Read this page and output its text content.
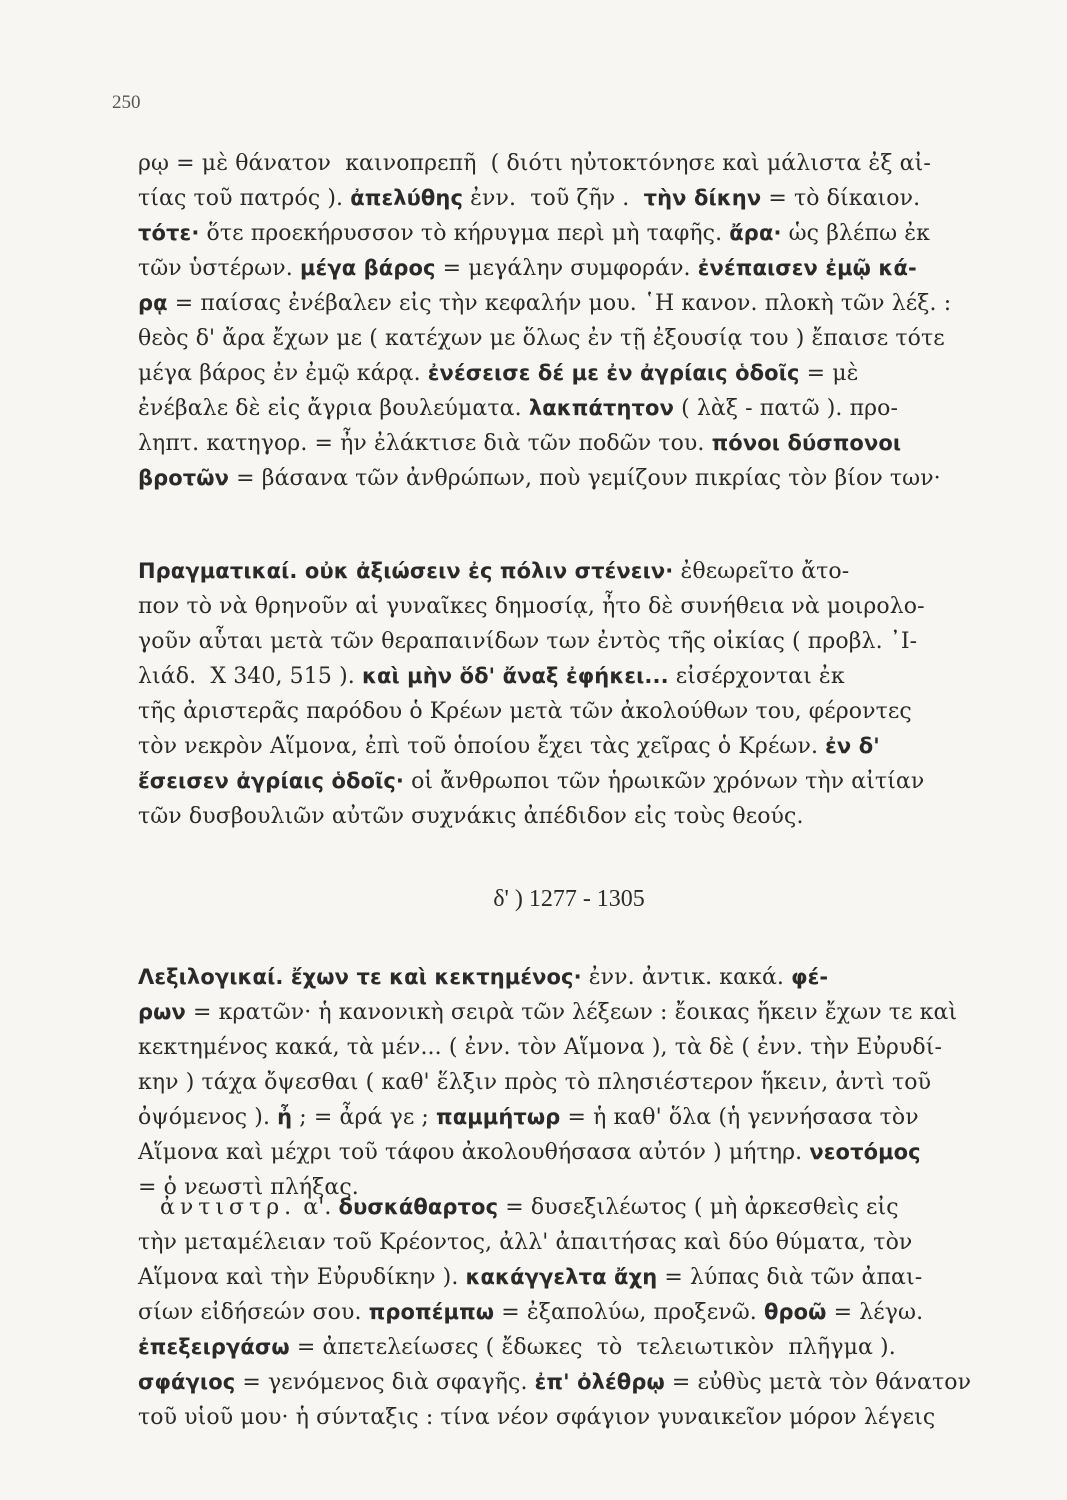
250
ρῳ = μὲ θάνατον  καινοπρεπῆ  ( διότι ηὐτοκτόνησε καὶ μάλιστα ἐξ αἰ-
τίας τοῦ πατρός ). ἀπελύθης ἐνν.  τοῦ ζῆν .  τὴν δίκην = τὸ δίκαιον.
τότε· ὅτε προεκήρυσσον τὸ κήρυγμα περὶ μὴ ταφῆς. ἄρα· ὡς βλέπω ἐκ
τῶν ὑστέρων. μέγα βάρος = μεγάλην συμφοράν. ἐνέπαισεν ἐμῷ κά-
ρᾳ = παίσας ἐνέβαλεν εἰς τὴν κεφαλήν μου. ῾Η κανον. πλοκὴ τῶν λέξ. :
θεὸς δ' ἄρα ἔχων με ( κατέχων με ὅλως ἐν τῇ ἐξουσίᾳ του ) ἔπαισε τότε
μέγα βάρος ἐν ἐμῷ κάρᾳ. ἐνέσεισε δέ με ἐν ἀγρίαις ὁδοῖς = μὲ
ἐνέβαλε δὲ εἰς ἄγρια βουλεύματα. λακπάτητον ( λὰξ - πατῶ ). προ-
ληπτ. κατηγορ. = ἦν ἐλάκτισε διὰ τῶν ποδῶν του. πόνοι δύσπονοι
βροτῶν = βάσανα τῶν ἀνθρώπων, ποὺ γεμίζουν πικρίας τὸν βίον των·
Πραγματικαί. οὐκ ἀξιώσειν ἐς πόλιν στένειν· ἐθεωρεῖτο ἄτο-
πον τὸ νὰ θρηνοῦν αἱ γυναῖκες δημοσίᾳ, ἦτο δὲ συνήθεια νὰ μοιρολο-
γοῦν αὗται μετὰ τῶν θεραπαινίδων των ἐντὸς τῆς οἰκίας ( προβλ. ᾿Ι-
λιάδ.  Χ 340, 515 ). καὶ μὴν ὅδ' ἄναξ ἐφήκει... εἰσέρχονται ἐκ
τῆς ἀριστερᾶς παρόδου ὁ Κρέων μετὰ τῶν ἀκολούθων του, φέροντες
τὸν νεκρὸν Αἵμονα, ἐπὶ τοῦ ὁποίου ἔχει τὰς χεῖρας ὁ Κρέων. ἐν δ'
ἔσεισεν ἀγρίαις ὁδοῖς· οἱ ἄνθρωποι τῶν ἡρωικῶν χρόνων τὴν αἰτίαν
τῶν δυσβουλιῶν αὐτῶν συχνάκις ἀπέδιδον εἰς τοὺς θεούς.
δ' ) 1277 - 1305
Λεξιλογικαί. ἔχων τε καὶ κεκτημένος· ἐνν. ἀντικ. κακά. φέ-
ρων = κρατῶν· ἡ κανονικὴ σειρὰ τῶν λέξεων : ἔοικας ἥκειν ἔχων τε καὶ
κεκτημένος κακά, τὰ μέν... ( ἐνν. τὸν Αἵμονα ), τὰ δὲ ( ἐνν. τὴν Εὐρυδί-
κην ) τάχα ὄψεσθαι ( καθ' ἕλξιν πρὸς τὸ πλησιέστερον ἥκειν, ἀντὶ τοῦ
ὀψόμενος ). ἦ ; = ἆρά γε ; παμμήτωρ = ἡ καθ' ὅλα (ἡ γεννήσασα τὸν
Αἵμονα καὶ μέχρι τοῦ τάφου ἀκολουθήσασα αὐτόν ) μήτηρ. νεοτόμος
= ὁ νεωστὶ πλήξας.
ἀντιστρ. α'. δυσκάθαρτος = δυσεξιλέωτος ( μὴ ἀρκεσθεὶς εἰς
τὴν μεταμέλειαν τοῦ Κρέοντος, ἀλλ' ἀπαιτήσας καὶ δύο θύματα, τὸν
Αἵμονα καὶ τὴν Εὐρυδίκην ). κακάγγελτα ἄχη = λύπας διὰ τῶν ἀπαι-
σίων εἰδήσεών σου. προπέμπω = ἐξαπολύω, προξενῶ. θροῶ = λέγω.
ἐπεξειργάσω = ἀπετελείωσες ( ἔδωκες  τὸ  τελειωτικὸν  πλῆγμα ).
σφάγιος = γενόμενος διὰ σφαγῆς. ἐπ' ὀλέθρῳ = εὐθὺς μετὰ τὸν θάνατον
τοῦ υἱοῦ μου· ἡ σύνταξις : τίνα νέον σφάγιον γυναικεῖον μόρον λέγεις
